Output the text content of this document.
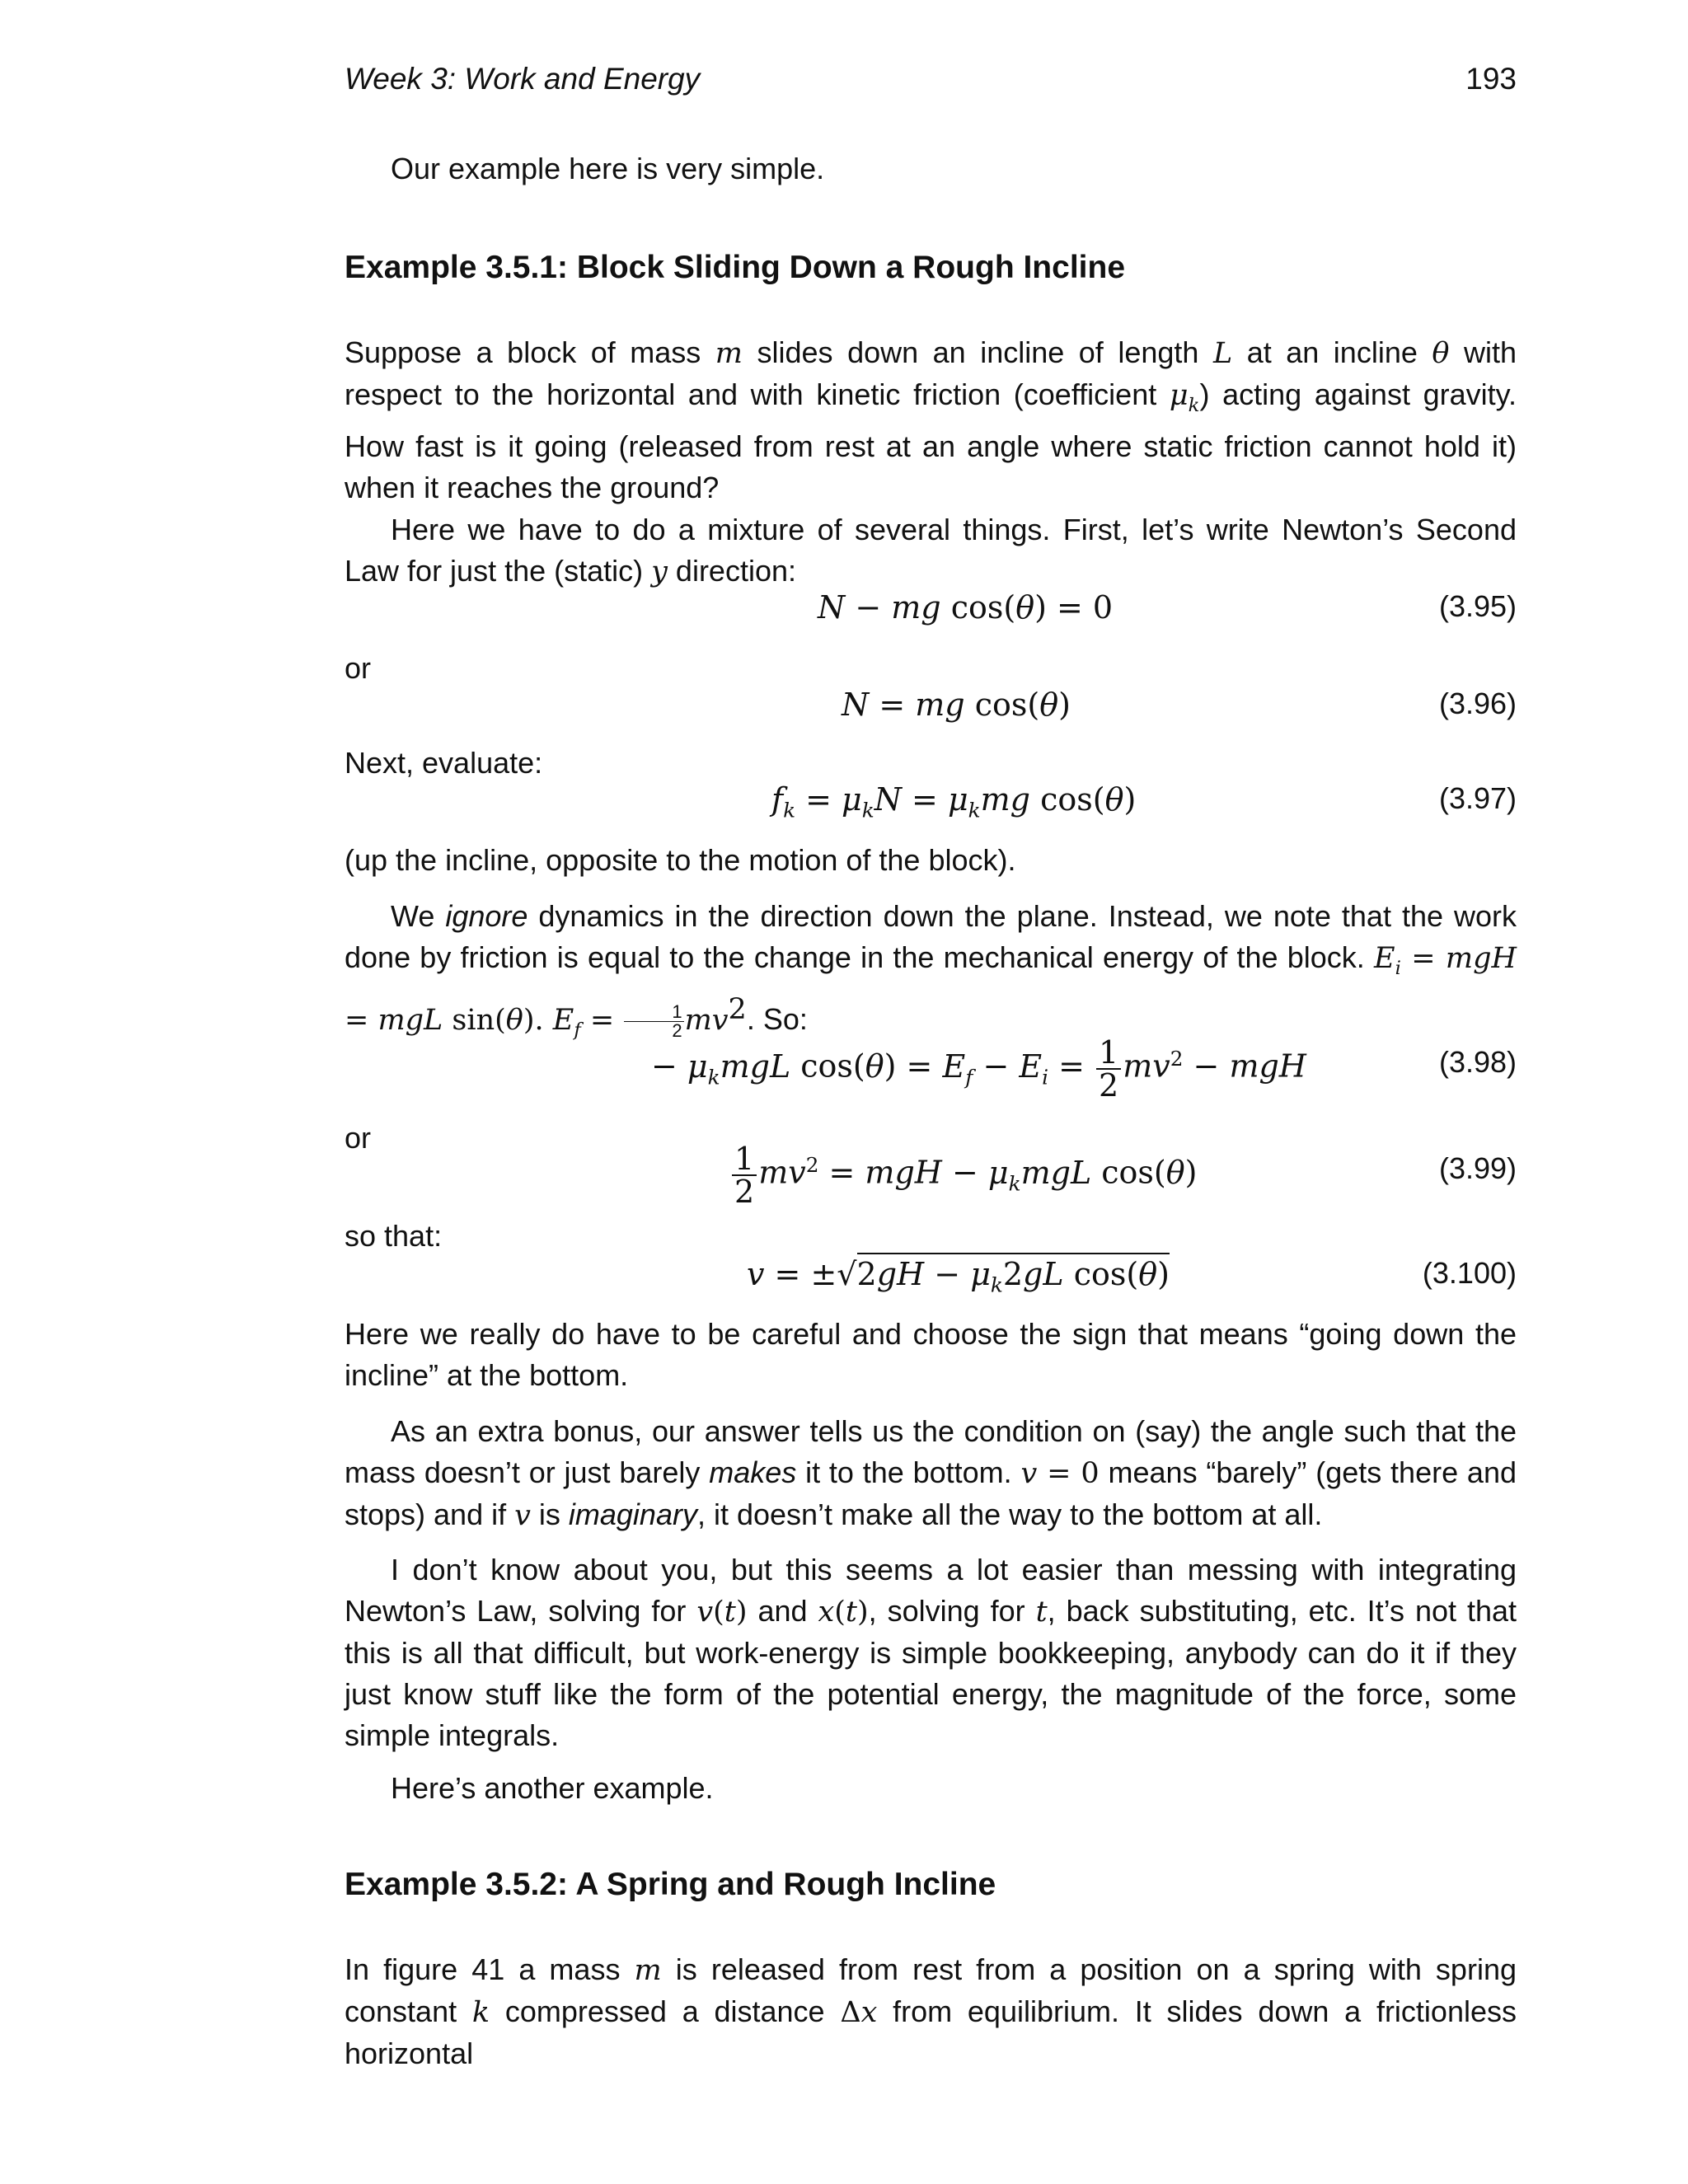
Week 3: Work and Energy	193
Our example here is very simple.
Example 3.5.1: Block Sliding Down a Rough Incline
Suppose a block of mass m slides down an incline of length L at an incline θ with respect to the horizontal and with kinetic friction (coefficient $\mu_k$) acting against gravity. How fast is it going (released from rest at an angle where static friction cannot hold it) when it reaches the ground?
Here we have to do a mixture of several things. First, let’s write Newton’s Second Law for just the (static) y direction:
N − mg cos(θ) = 0	(3.95)
or
N = mg cos(θ)	(3.96)
Next, evaluate:
$f_k = \mu_kN = \mu_kmg$ cos(θ)	(3.97)
(up the incline, opposite to the motion of the block).
We ignore dynamics in the direction down the plane. Instead, we note that the work done by friction is equal to the change in the mechanical energy of the block. $E_i$ = mgH = mgL sin(θ). $E_f = \frac{1}{2} mv^2$. So:
− $\mu_kmgL$ $\cos(\theta) = E_f - E_i = \frac{1}{2} mv^2$ − mgH	(3.98)
or
$\frac{1}{2} mv^2$ = mgH − $\mu_kmgL$ cos(θ)	(3.99)
so that:
$v = \pm√2gH - \mu_k2gL$ cos(θ)	(3.100)
Here we really do have to be careful and choose the sign that means “going down the incline” at the bottom.
As an extra bonus, our answer tells us the condition on (say) the angle such that the mass doesn’t or just barely makes it to the bottom. v = 0 means “barely” (gets there and stops) and if v is imaginary, it doesn’t make all the way to the bottom at all.
I don’t know about you, but this seems a lot easier than messing with integrating Newton’s Law, solving for v(t) and x(t), solving for t, back substituting, etc. It’s not that this is all that difficult, but work-energy is simple bookkeeping, anybody can do it if they just know stuff like the form of the potential energy, the magnitude of the force, some simple integrals.
Here’s another example.
Example 3.5.2: A Spring and Rough Incline
In figure 41 a mass m is released from rest from a position on a spring with spring constant k compressed a distance Δx from equilibrium. It slides down a frictionless horizontal
